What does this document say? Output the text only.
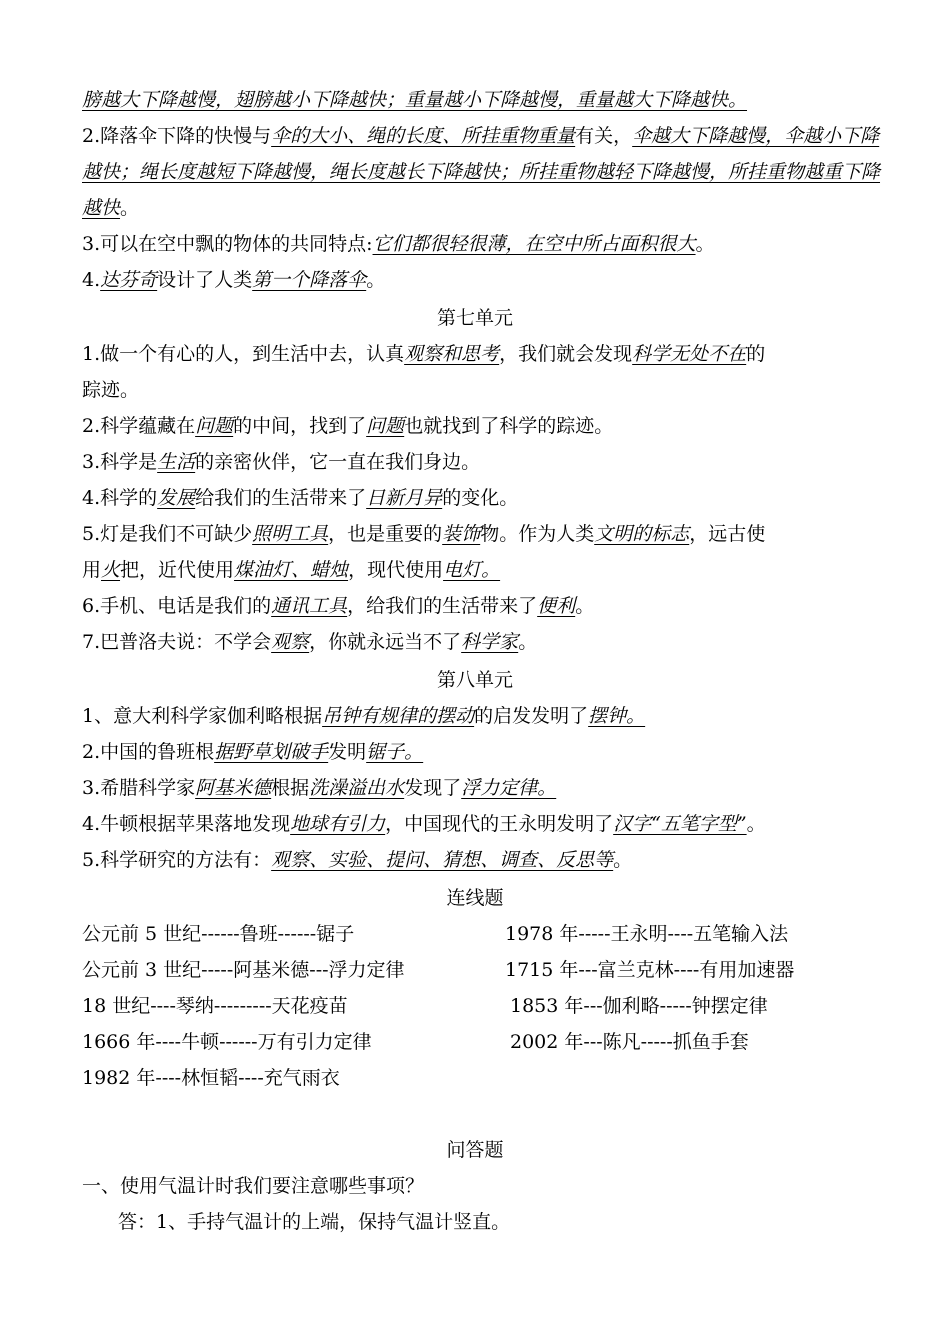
膀越大下降越慢，翅膀越小下降越快；重量越小下降越慢，重量越大下降越快。
2.降落伞下降的快慢与伞的大小、绳的长度、所挂重物重量有关，伞越大下降越慢，伞越小下降越快；绳长度越短下降越慢，绳长度越长下降越快；所挂重物越轻下降越慢，所挂重物越重下降越快。
3.可以在空中飘的物体的共同特点:它们都很轻很薄，在空中所占面积很大。
4.达芬奇设计了人类第一个降落伞。
第七单元
1.做一个有心的人，到生活中去，认真观察和思考，我们就会发现科学无处不在的
踪迹。
2.科学蕴藏在问题的中间，找到了问题也就找到了科学的踪迹。
3.科学是生活的亲密伙伴，它一直在我们身边。
4.科学的发展给我们的生活带来了日新月异的变化。
5.灯是我们不可缺少照明工具，也是重要的装饰物。作为人类文明的标志，远古使
用火把，近代使用煤油灯、蜡烛，现代使用电灯。
6.手机、电话是我们的通讯工具，给我们的生活带来了便利。
7.巴普洛夫说：不学会观察，你就永远当不了科学家。
第八单元
1、意大利科学家伽利略根据吊钟有规律的摆动的启发发明了摆钟。
2.中国的鲁班根据野草划破手发明锯子。
3.希腊科学家阿基米德根据洗澡溢出水发现了浮力定律。
4.牛顿根据苹果落地发现地球有引力，中国现代的王永明发明了汉字“五笔字型”。
5.科学研究的方法有：观察、实验、提问、猜想、调查、反思等。
连线题
公元前 5 世纪------鲁班------锯子
公元前 3 世纪-----阿基米德---浮力定律
18 世纪----琴纳---------天花疫苗
1666 年----牛顿------万有引力定律
1982 年----林恒韬----充气雨衣
1978 年-----王永明----五笔输入法
1715 年---富兰克林----有用加速器
1853 年---伽利略-----钟摆定律
2002 年---陈凡-----抓鱼手套
问答题
一、使用气温计时我们要注意哪些事项？
答：1、手持气温计的上端，保持气温计竖直。
